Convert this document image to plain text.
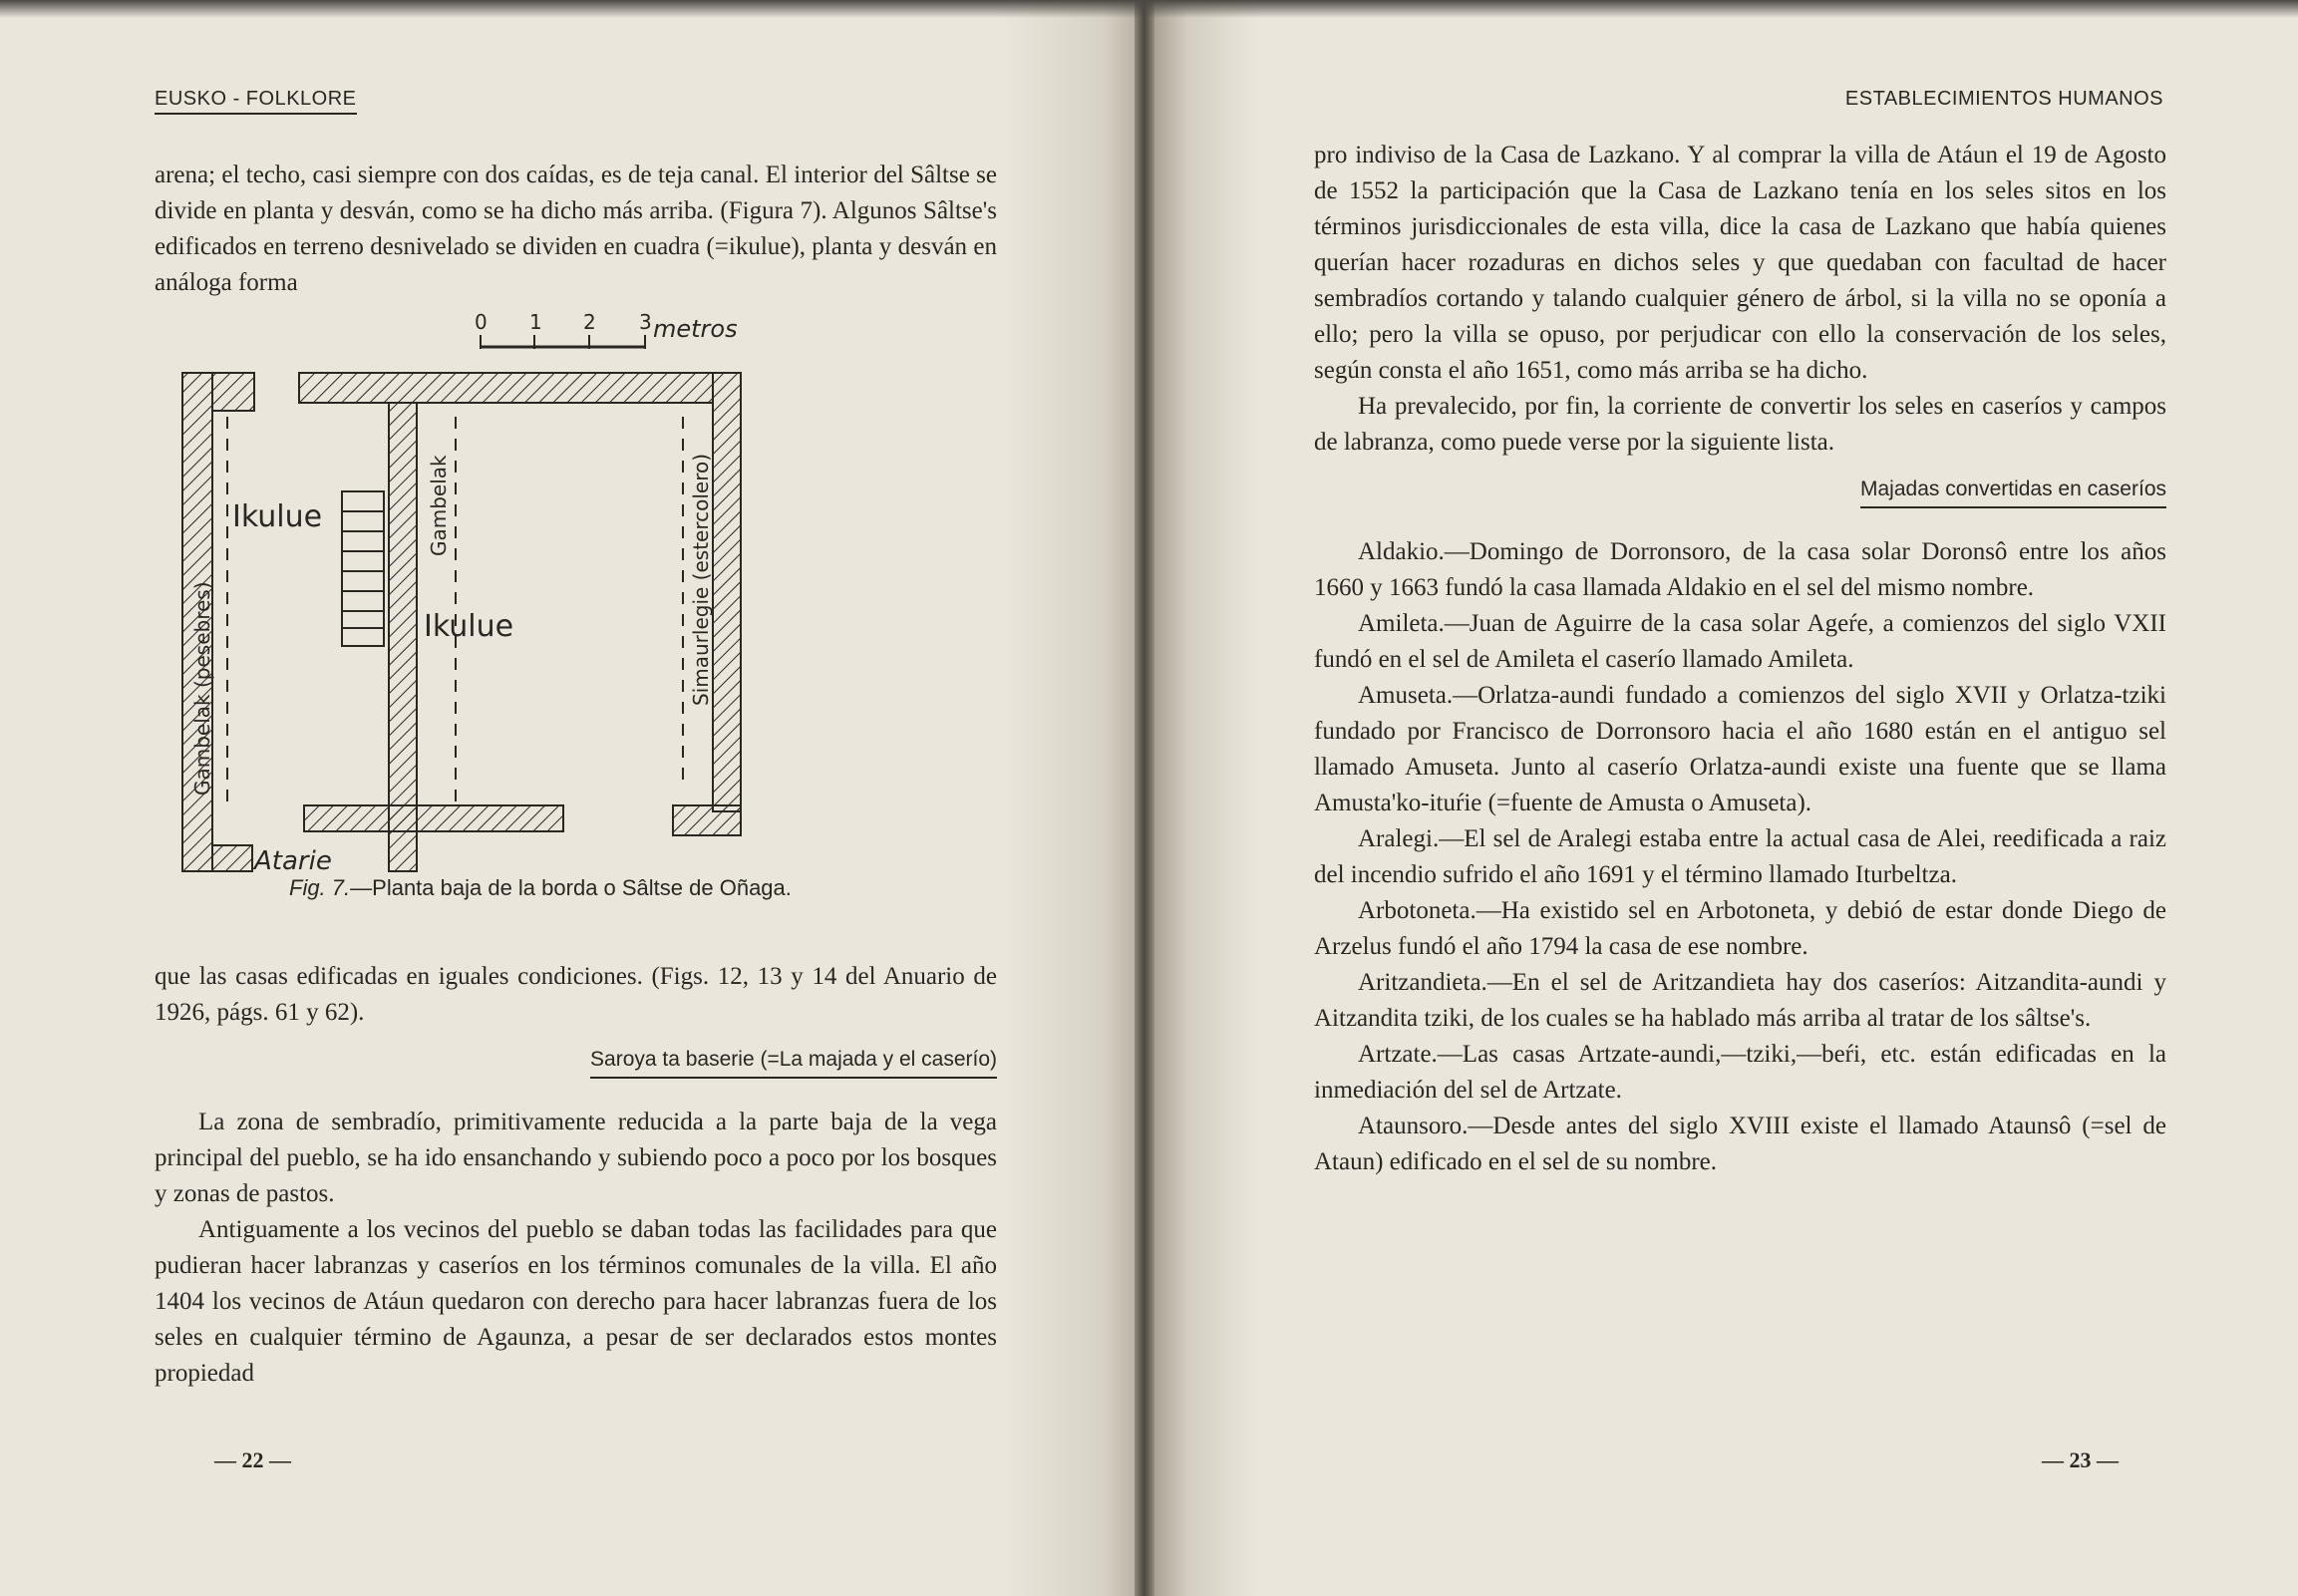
EUSKO - FOLKLORE

arena; el techo, casi siempre con dos caídas, es de teja canal. El interior del Sâltse se divide en planta y desván, como se ha dicho más arriba. (Figura 7). Algunos Sâltse's edificados en terreno desnivelado se dividen en cuadra (=ikulue), planta y desván en análoga forma

0 1 2 3 metros
Ikulue
Ikulue
Gambelak (pesebres)
Gambelak	Simaurlegie (estercolero)
Atarie
Fig. 7.—Planta baja de la borda o Sâltse de Oñaga.

que las casas edificadas en iguales condiciones. (Figs. 12, 13 y 14 del Anuario de 1926, págs. 61 y 62).

Saroya ta baserie (=La majada y el caserío)

La zona de sembradío, primitivamente reducida a la parte baja de la vega principal del pueblo, se ha ido ensanchando y subiendo poco a poco por los bosques y zonas de pastos.

Antiguamente a los vecinos del pueblo se daban todas las facilidades para que pudieran hacer labranzas y caseríos en los términos comunales de la villa. El año 1404 los vecinos de Atáun quedaron con derecho para hacer labranzas fuera de los seles en cualquier término de Agaunza, a pesar de ser declarados estos montes propiedad

— 22 —
ESTABLECIMIENTOS HUMANOS

pro indiviso de la Casa de Lazkano. Y al comprar la villa de Atáun el 19 de Agosto de 1552 la participación que la Casa de Lazkano tenía en los seles sitos en los términos jurisdiccionales de esta villa, dice la casa de Lazkano que había quienes querían hacer rozaduras en dichos seles y que quedaban con facultad de hacer sembradíos cortando y talando cualquier género de árbol, si la villa no se oponía a ello; pero la villa se opuso, por perjudicar con ello la conservación de los seles, según consta el año 1651, como más arriba se ha dicho.

Ha prevalecido, por fin, la corriente de convertir los seles en caseríos y campos de labranza, como puede verse por la siguiente lista.

Majadas convertidas en caseríos

Aldakio.—Domingo de Dorronsoro, de la casa solar Doronsô entre los años 1660 y 1663 fundó la casa llamada Aldakio en el sel del mismo nombre.

Amileta.—Juan de Aguirre de la casa solar Ageŕe, a comienzos del siglo VXII fundó en el sel de Amileta el caserío llamado Amileta.

Amuseta.—Orlatza-aundi fundado a comienzos del siglo XVII y Orlatza-tziki fundado por Francisco de Dorronsoro hacia el año 1680 están en el antiguo sel llamado Amuseta. Junto al caserío Orlatza-aundi existe una fuente que se llama Amusta'ko-ituŕie (=fuente de Amusta o Amuseta).

Aralegi.—El sel de Aralegi estaba entre la actual casa de Alei, reedificada a raiz del incendio sufrido el año 1691 y el término llamado Iturbeltza.

Arbotoneta.—Ha existido sel en Arbotoneta, y debió de estar donde Diego de Arzelus fundó el año 1794 la casa de ese nombre.

Aritzandieta.—En el sel de Aritzandieta hay dos caseríos: Aitzandita-aundi y Aitzandita tziki, de los cuales se ha hablado más arriba al tratar de los sâltse's.

Artzate.—Las casas Artzate-aundi,—tziki,—beŕi, etc. están edificadas en la inmediación del sel de Artzate.

Ataunsoro.—Desde antes del siglo XVIII existe el llamado Ataunsô (=sel de Ataun) edificado en el sel de su nombre.

— 23 —
